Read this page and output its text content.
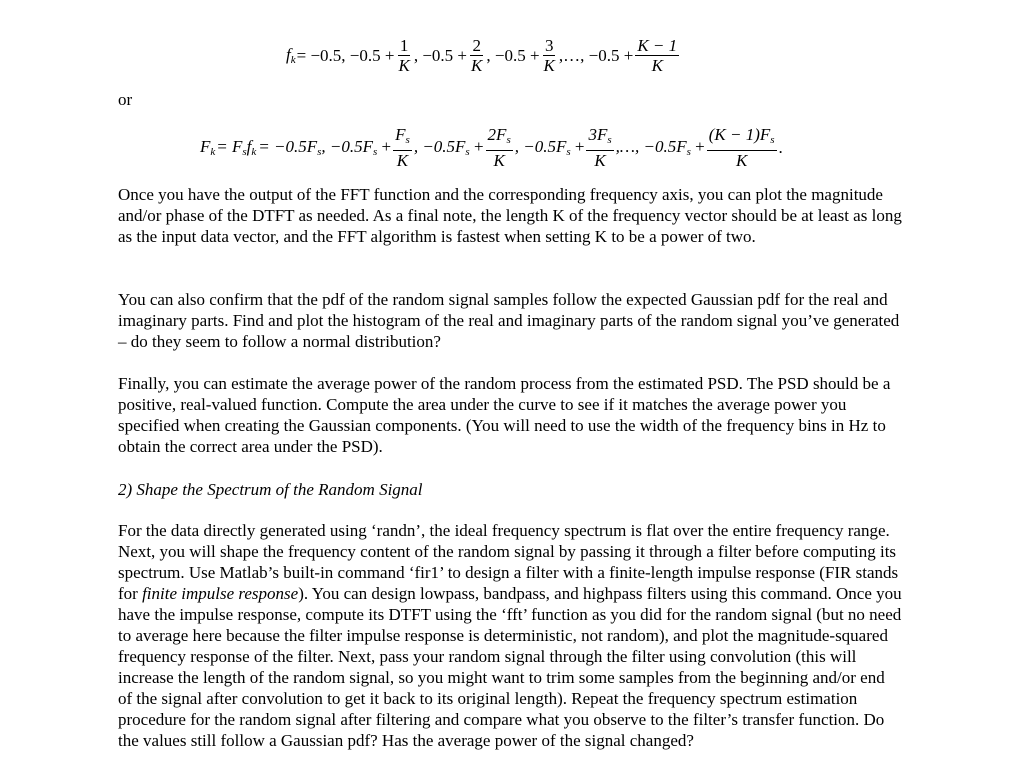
$f_k = -0.5$, $-0.5 + \frac{1}{K}$ , $-0.5 + \frac{2}{K}$ , $-0.5 + \frac{3}{K}$ ,…, $-0.5 + \frac{K - 1}{K}$
or
$F_k = F_sf_k = -0.5F_s$, $-0.5F_s + \frac{F_s}{K}$ , $-0.5F_s + \frac{2F_s}{K}$ , $-0.5F_s + \frac{3F_s}{K}$ ,…, $-0.5F_s + \frac{(K - 1)F_s}{K}$ .

Once you have the output of the FFT function and the corresponding frequency axis, you can plot the magnitude and/or phase of the DTFT as needed. As a final note, the length K of the frequency vector should be at least as long as the input data vector, and the FFT algorithm is fastest when setting K to be a power of two.

You can also confirm that the pdf of the random signal samples follow the expected Gaussian pdf for the real and imaginary parts. Find and plot the histogram of the real and imaginary parts of the random signal you’ve generated – do they seem to follow a normal distribution?

Finally, you can estimate the average power of the random process from the estimated PSD. The PSD should be a positive, real-valued function. Compute the area under the curve to see if it matches the average power you specified when creating the Gaussian components. (You will need to use the width of the frequency bins in Hz to obtain the correct area under the PSD).

2) Shape the Spectrum of the Random Signal

For the data directly generated using ‘randn’, the ideal frequency spectrum is flat over the entire frequency range. Next, you will shape the frequency content of the random signal by passing it through a filter before computing its spectrum. Use Matlab’s built-in command ‘fir1’ to design a filter with a finite-length impulse response (FIR stands for finite impulse response). You can design lowpass, bandpass, and highpass filters using this command. Once you have the impulse response, compute its DTFT using the ‘fft’ function as you did for the random signal (but no need to average here because the filter impulse response is deterministic, not random), and plot the magnitude-squared frequency response of the filter. Next, pass your random signal through the filter using convolution (this will increase the length of the random signal, so you might want to trim some samples from the beginning and/or end of the signal after convolution to get it back to its original length). Repeat the frequency spectrum estimation procedure for the random signal after filtering and compare what you observe to the filter’s transfer function. Do the values still follow a Gaussian pdf? Has the average power of the signal changed?
